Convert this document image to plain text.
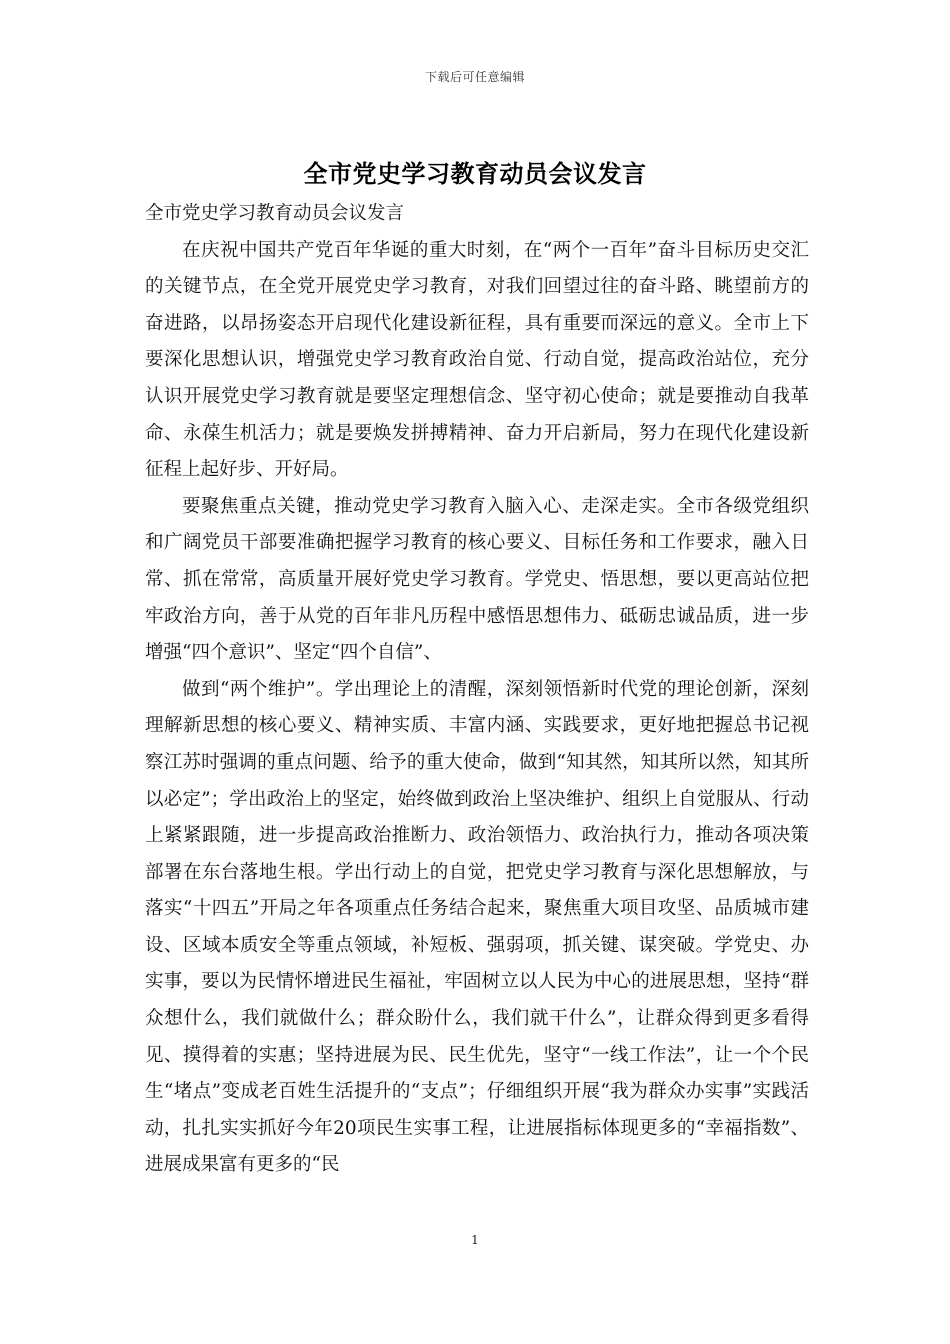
下载后可任意编辑
全市党史学习教育动员会议发言

全市党史学习教育动员会议发言

在庆祝中国共产党百年华诞的重大时刻，在“两个一百年”奋斗目标历史交汇的关键节点，在全党开展党史学习教育，对我们回望过往的奋斗路、眺望前方的奋进路，以昂扬姿态开启现代化建设新征程，具有重要而深远的意义。全市上下要深化思想认识，增强党史学习教育政治自觉、行动自觉，提高政治站位，充分认识开展党史学习教育就是要坚定理想信念、坚守初心使命；就是要推动自我革命、永葆生机活力；就是要焕发拼搏精神、奋力开启新局，努力在现代化建设新征程上起好步、开好局。

要聚焦重点关键，推动党史学习教育入脑入心、走深走实。全市各级党组织和广阔党员干部要准确把握学习教育的核心要义、目标任务和工作要求，融入日常、抓在常常，高质量开展好党史学习教育。学党史、悟思想，要以更高站位把牢政治方向，善于从党的百年非凡历程中感悟思想伟力、砥砺忠诚品质，进一步增强“四个意识”、坚定“四个自信”、

做到“两个维护”。学出理论上的清醒，深刻领悟新时代党的理论创新，深刻理解新思想的核心要义、精神实质、丰富内涵、实践要求，更好地把握总书记视察江苏时强调的重点问题、给予的重大使命，做到“知其然，知其所以然，知其所以必定”；学出政治上的坚定，始终做到政治上坚决维护、组织上自觉服从、行动上紧紧跟随，进一步提高政治推断力、政治领悟力、政治执行力，推动各项决策部署在东台落地生根。学出行动上的自觉，把党史学习教育与深化思想解放，与落实“十四五”开局之年各项重点任务结合起来，聚焦重大项目攻坚、品质城市建设、区域本质安全等重点领域，补短板、强弱项，抓关键、谋突破。学党史、办实事，要以为民情怀增进民生福祉，牢固树立以人民为中心的进展思想，坚持“群众想什么，我们就做什么；群众盼什么，我们就干什么”，让群众得到更多看得见、摸得着的实惠；坚持进展为民、民生优先，坚守“一线工作法”，让一个个民生“堵点”变成老百姓生活提升的“支点”；仔细组织开展“我为群众办实事”实践活动，扎扎实实抓好今年20项民生实事工程，让进展指标体现更多的“幸福指数”、进展成果富有更多的“民

1
